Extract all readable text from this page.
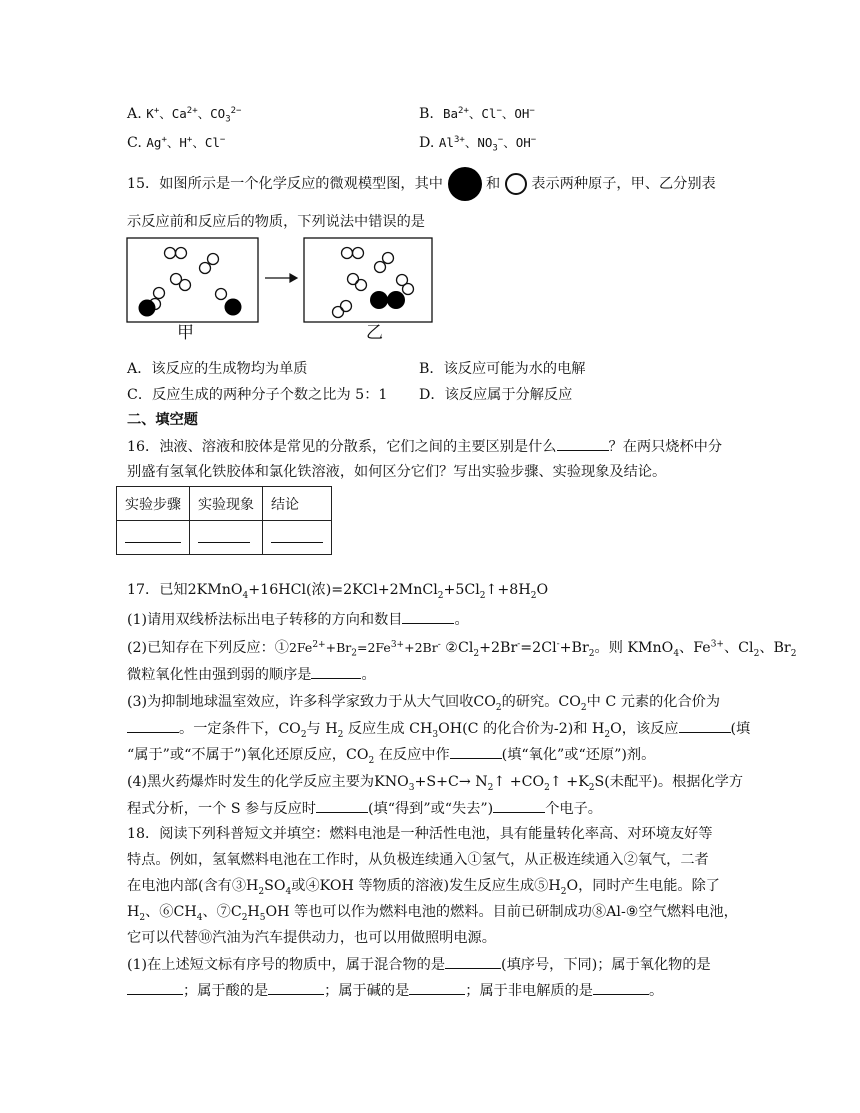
A. K+、$Ca^{2+}$、$CO_3^{2-}$	B. $Ba^{2+}$、Cl−、OH−
C. Ag+、H+、Cl−	D. $Al^{3+}$、$NO_3^-$、OH−
15．如图所示是一个化学反应的微观模型图，其中	和 表示两种原子，甲、乙分别表
示反应前和反应后的物质，下列说法中错误的是
甲	乙
A．该反应的生成物均为单质	B．该反应可能为水的电解
C．反应生成的两种分子个数之比为 5：1 D．该反应属于分解反应
二、填空题
16．浊液、溶液和胶体是常见的分散系，它们之间的主要区别是什么	？在两只烧杯中分
别盛有氢氧化铁胶体和氯化铁溶液，如何区分它们？写出实验步骤、实验现象及结论。
实验步骤	实验现象	结论

17．已知2KMnO$_4$+16HCl(浓)$=2KCl+2MnCl_2+5Cl_2↑+8H_2O$
(1)请用双线桥法标出电子转移的方向和数目	。
(2)已知存在下列反应：$①2Fe^{2+}+Br_2=2Fe^{3+}+2Br^-$ $②Cl_2+2Br^-=2Cl^-+Br_2$。则 KMnO$_4$、$Fe^{3+}$、$Cl_2$、$Br_2$
微粒氧化性由强到弱的顺序是	。
(3)为抑制地球温室效应，许多科学家致力于从大气回收$CO_2$的研究。$CO_2$中 C 元素的化合价为
。一定条件下，$CO_2$与 $H_2$ 反应生成 $CH_3OH(C$ 的化合价为-2)和 $H_2O$，该反应	(填
“属于”或“不属于”)氧化还原反应，$CO_2$ 在反应中作	(填“氧化”或“还原”)剂。
(4)黑火药爆炸时发生的化学反应主要为$KNO_3+S+C\to$ $N_2↑$ $+CO_2↑ +K_2S$(未配平)。根据化学方
程式分析，一个 S 参与反应时	(填“得到”或“失去”)	个电子。
18．阅读下列科普短文并填空：燃料电池是一种活性电池，具有能量转化率高、对环境友好等
特点。例如，氢氧燃料电池在工作时，从负极连续通入①氢气，从正极连续通入②氧气，二者
在电池内部(含有$③H_2SO_4$或④KOH 等物质的溶液)发生反应生成$⑤H_2O$，同时产生电能。除了
$H_2$、$⑥CH_4$、$⑦C_2H_5OH$ 等也可以作为燃料电池的燃料。目前已研制成功⑧Al-⑨空气燃料电池，
它可以代替⑩汽油为汽车提供动力，也可以用做照明电源。
(1)在上述短文标有序号的物质中，属于混合物的是	(填序号，下同)；属于氧化物的是
；属于酸的是	；属于碱的是	；属于非电解质的是	。
